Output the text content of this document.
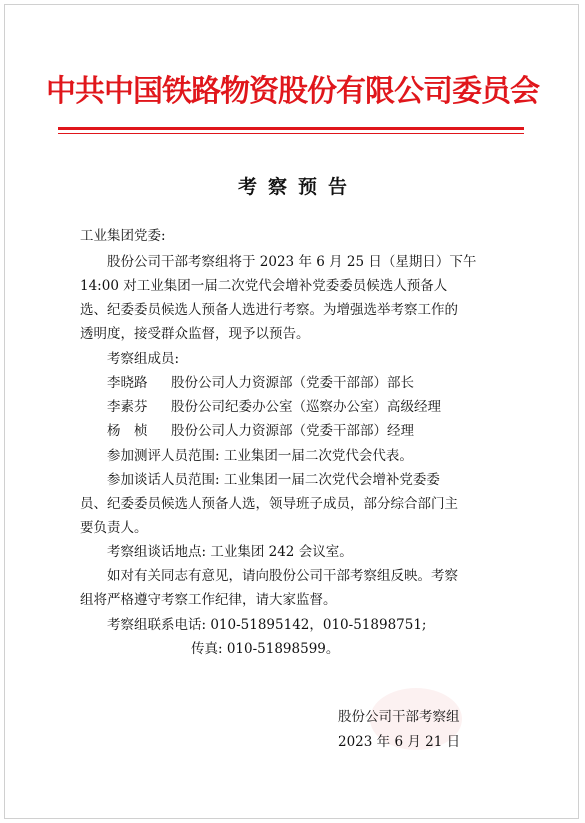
中共中国铁路物资股份有限公司委员会
考察预告
工业集团党委:
股份公司干部考察组将于 2023 年 6 月 25 日（星期日）下午
14:00 对工业集团一届二次党代会增补党委委员候选人预备人
选、纪委委员候选人预备人选进行考察。为增强选举考察工作的
透明度，接受群众监督，现予以预告。
考察组成员:
李晓路 股份公司人力资源部（党委干部部）部长
李素芬 股份公司纪委办公室（巡察办公室）高级经理
杨　桢 股份公司人力资源部（党委干部部）经理
参加测评人员范围: 工业集团一届二次党代会代表。
参加谈话人员范围: 工业集团一届二次党代会增补党委委
员、纪委委员候选人预备人选，领导班子成员，部分综合部门主
要负责人。
考察组谈话地点: 工业集团 242 会议室。
如对有关同志有意见，请向股份公司干部考察组反映。考察
组将严格遵守考察工作纪律，请大家监督。
考察组联系电话: 010-51895142，010-51898751;
传真: 010-51898599。
股份公司干部考察组
2023 年 6 月 21 日
